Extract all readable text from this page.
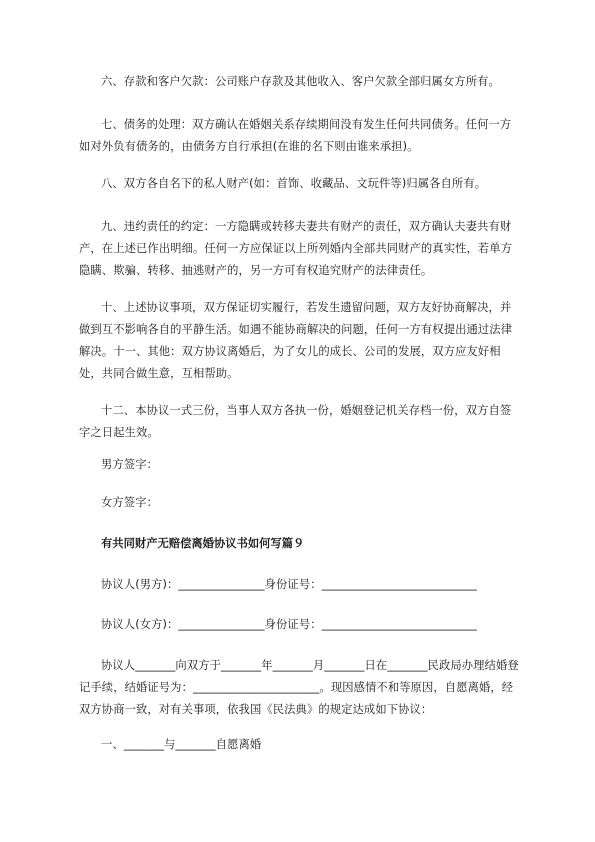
六、存款和客户欠款：公司账户存款及其他收入、客户欠款全部归属女方所有。

七、债务的处理：双方确认在婚姻关系存续期间没有发生任何共同债务。任何一方如对外负有债务的，由债务方自行承担(在谁的名下则由谁来承担)。

八、双方各自名下的私人财产(如：首饰、收藏品、文玩件等)归属各自所有。

九、违约责任的约定：一方隐瞒或转移夫妻共有财产的责任，双方确认夫妻共有财产，在上述已作出明细。任何一方应保证以上所列婚内全部共同财产的真实性，若单方隐瞒、欺骗、转移、抽逃财产的，另一方可有权追究财产的法律责任。

十、上述协议事项，双方保证切实履行，若发生遗留问题，双方友好协商解决，并做到互不影响各自的平静生活。如遇不能协商解决的问题，任何一方有权提出通过法律解决。十一、其他：双方协议离婚后，为了女儿的成长、公司的发展，双方应友好相处，共同合做生意，互相帮助。

十二、本协议一式三份，当事人双方各执一份，婚姻登记机关存档一份，双方自签字之日起生效。

男方签字：

女方签字：

有共同财产无赔偿离婚协议书如何写篇９

协议人(男方)：_______________身份证号：___________________________

协议人(女方)：_______________身份证号：___________________________

协议人_______向双方于_______年_______月_______日在_______民政局办理结婚登记手续，结婚证号为：______________________。现因感情不和等原因，自愿离婚，经双方协商一致，对有关事项，依我国《民法典》的规定达成如下协议：

一、_______与_______自愿离婚
